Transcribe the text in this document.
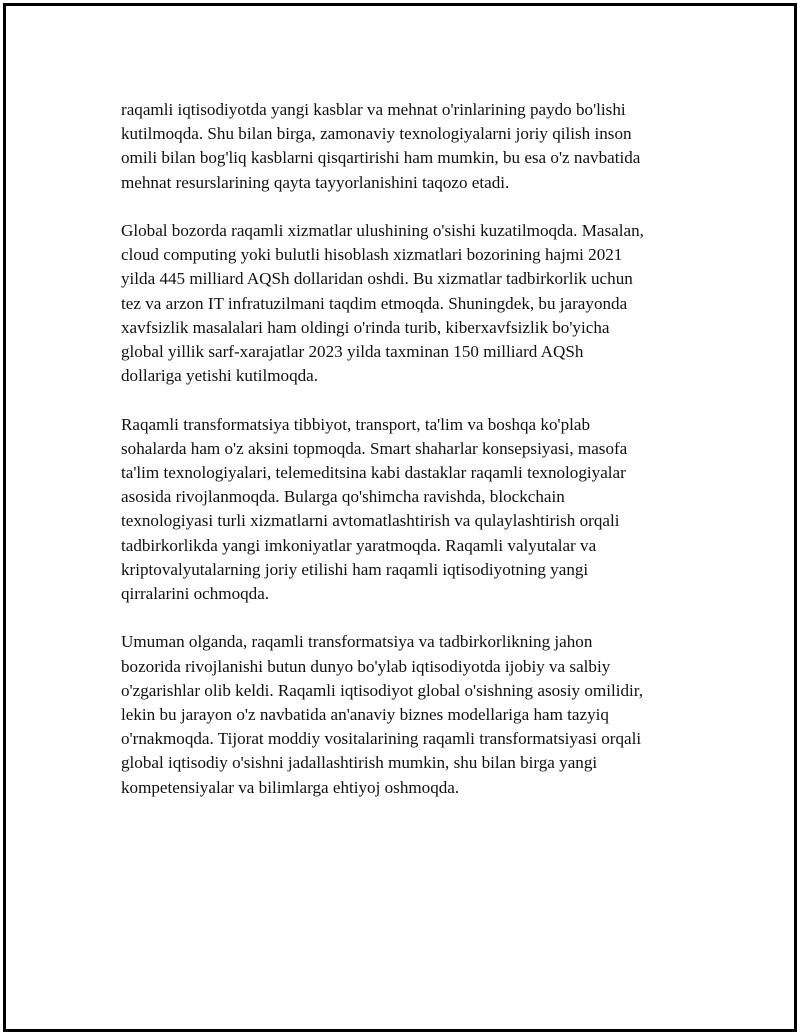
raqamli iqtisodiyotda yangi kasblar va mehnat o'rinlarining paydo bo'lishi
kutilmoqda. Shu bilan birga, zamonaviy texnologiyalarni joriy qilish inson
omili bilan bog'liq kasblarni qisqartirishi ham mumkin, bu esa o'z navbatida
mehnat resurslarining qayta tayyorlanishini taqozo etadi.

Global bozorda raqamli xizmatlar ulushining o'sishi kuzatilmoqda. Masalan,
cloud computing yoki bulutli hisoblash xizmatlari bozorining hajmi 2021
yilda 445 milliard AQSh dollaridan oshdi. Bu xizmatlar tadbirkorlik uchun
tez va arzon IT infratuzilmani taqdim etmoqda. Shuningdek, bu jarayonda
xavfsizlik masalalari ham oldingi o'rinda turib, kiberxavfsizlik bo'yicha
global yillik sarf-xarajatlar 2023 yilda taxminan 150 milliard AQSh
dollariga yetishi kutilmoqda.

Raqamli transformatsiya tibbiyot, transport, ta'lim va boshqa ko'plab
sohalarda ham o'z aksini topmoqda. Smart shaharlar konsepsiyasi, masofa
ta'lim texnologiyalari, telemeditsina kabi dastaklar raqamli texnologiyalar
asosida rivojlanmoqda. Bularga qo'shimcha ravishda, blockchain
texnologiyasi turli xizmatlarni avtomatlashtirish va qulaylashtirish orqali
tadbirkorlikda yangi imkoniyatlar yaratmoqda. Raqamli valyutalar va
kriptovalyutalarning joriy etilishi ham raqamli iqtisodiyotning yangi
qirralarini ochmoqda.

Umuman olganda, raqamli transformatsiya va tadbirkorlikning jahon
bozorida rivojlanishi butun dunyo bo'ylab iqtisodiyotda ijobiy va salbiy
o'zgarishlar olib keldi. Raqamli iqtisodiyot global o'sishning asosiy omilidir,
lekin bu jarayon o'z navbatida an'anaviy biznes modellariga ham tazyiq
o'rnakmoqda. Tijorat moddiy vositalarining raqamli transformatsiyasi orqali
global iqtisodiy o'sishni jadallashtirish mumkin, shu bilan birga yangi
kompetensiyalar va bilimlarga ehtiyoj oshmoqda.
